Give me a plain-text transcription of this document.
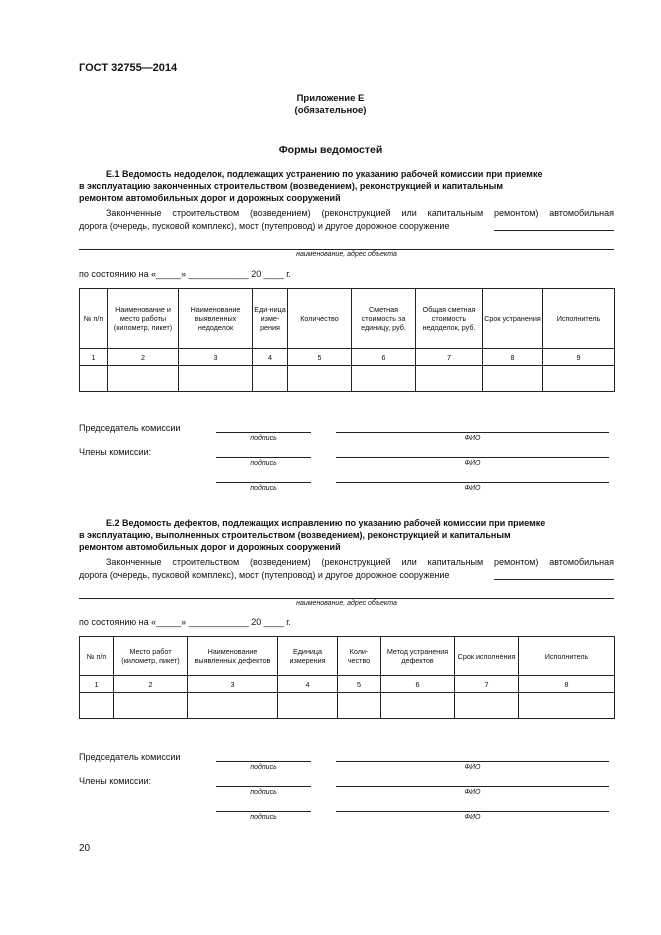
ГОСТ 32755—2014
Приложение Е
(обязательное)
Формы ведомостей
Е.1 Ведомость недоделок, подлежащих устранению по указанию рабочей комиссии при приемке
в эксплуатацию законченных строительством (возведением), реконструкцией и капитальным
ремонтом автомобильных дорог и дорожных сооружений
Законченные строительством (возведением) (реконструкцией или капитальным ремонтом) автомобильная
дорога (очередь, пусковой комплекс), мост (путепровод) и другое дорожное сооружение
наименование, адрес объекта
по состоянию на «_____» ____________ 20 ____ г.
№ п/п	Наименование и место работы (километр, пикет)	Наименование выявленных недоделок	Еди-ница изме-рения	Количество	Сметная стоимость за единицу, руб.	Общая сметная стоимость недоделок, руб.	Срок устранения	Исполнитель
1	2	3	4	5	6	7	8	9

Председатель комиссии
подпись	ФИО
Члены комиссии:
подпись	ФИО
подпись	ФИО
Е.2 Ведомость дефектов, подлежащих исправлению по указанию рабочей комиссии при приемке
в эксплуатацию, выполненных строительством (возведением), реконструкцией и капитальным
ремонтом автомобильных дорог и дорожных сооружений
Законченные строительством (возведением) (реконструкцией или капитальным ремонтом) автомобильная
дорога (очередь, пусковой комплекс), мост (путепровод) и другое дорожное сооружение
наименование, адрес объекта
по состоянию на «_____» ____________ 20 ____ г.
№ п/п	Место работ (километр, пикет)	Наименование выявленных дефектов	Единица измерения	Коли-чество	Метод устранения дефектов	Срок исполнения	Исполнитель
1	2	3	4	5	6	7	8

Председатель комиссии
подпись	ФИО
Члены комиссии:
подпись	ФИО
подпись	ФИО
20
